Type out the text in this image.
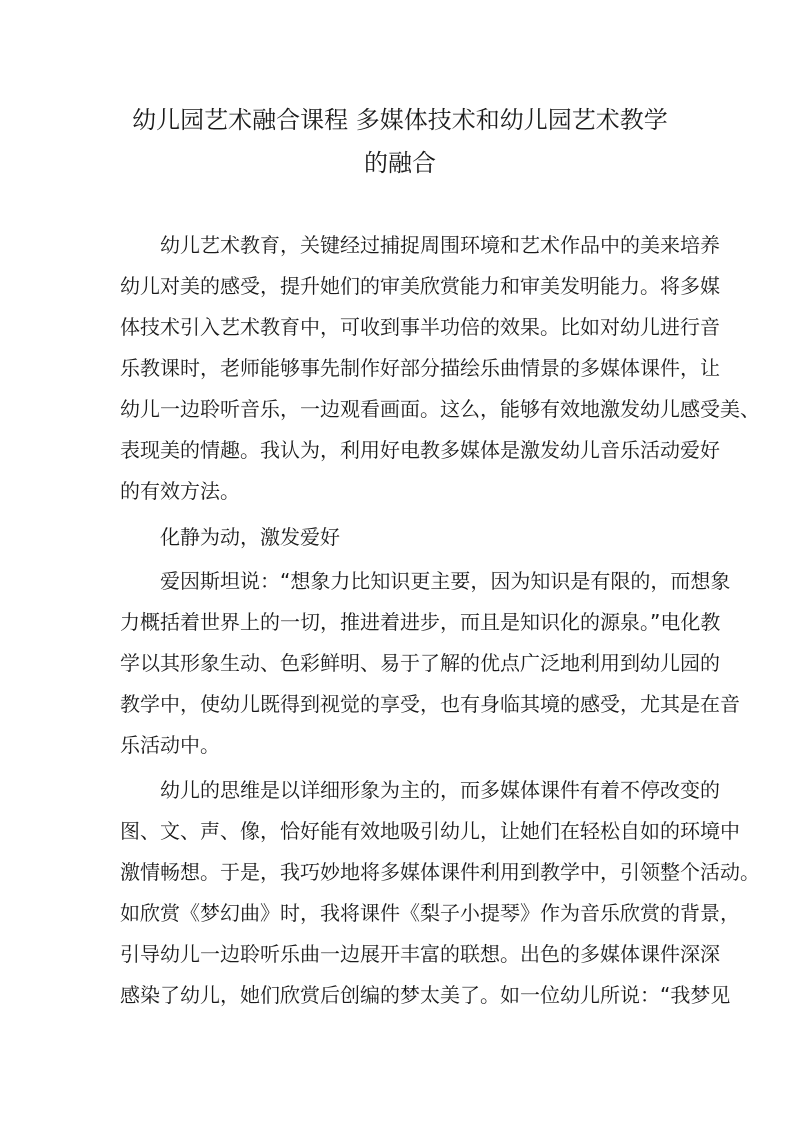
幼儿园艺术融合课程 多媒体技术和幼儿园艺术教学
的融合

幼儿艺术教育，关键经过捕捉周围环境和艺术作品中的美来培养

幼儿对美的感受，提升她们的审美欣赏能力和审美发明能力。将多媒

体技术引入艺术教育中，可收到事半功倍的效果。比如对幼儿进行音

乐教课时，老师能够事先制作好部分描绘乐曲情景的多媒体课件，让

幼儿一边聆听音乐，一边观看画面。这么，能够有效地激发幼儿感受美、

表现美的情趣。我认为，利用好电教多媒体是激发幼儿音乐活动爱好

的有效方法。

化静为动，激发爱好

爱因斯坦说：“想象力比知识更主要，因为知识是有限的，而想象

力概括着世界上的一切，推进着进步，而且是知识化的源泉。”电化教

学以其形象生动、色彩鲜明、易于了解的优点广泛地利用到幼儿园的

教学中，使幼儿既得到视觉的享受，也有身临其境的感受，尤其是在音

乐活动中。

幼儿的思维是以详细形象为主的，而多媒体课件有着不停改变的

图、文、声、像，恰好能有效地吸引幼儿，让她们在轻松自如的环境中

激情畅想。于是，我巧妙地将多媒体课件利用到教学中，引领整个活动。

如欣赏《梦幻曲》时，我将课件《梨子小提琴》作为音乐欣赏的背景，

引导幼儿一边聆听乐曲一边展开丰富的联想。出色的多媒体课件深深

感染了幼儿，她们欣赏后创编的梦太美了。如一位幼儿所说：“我梦见
